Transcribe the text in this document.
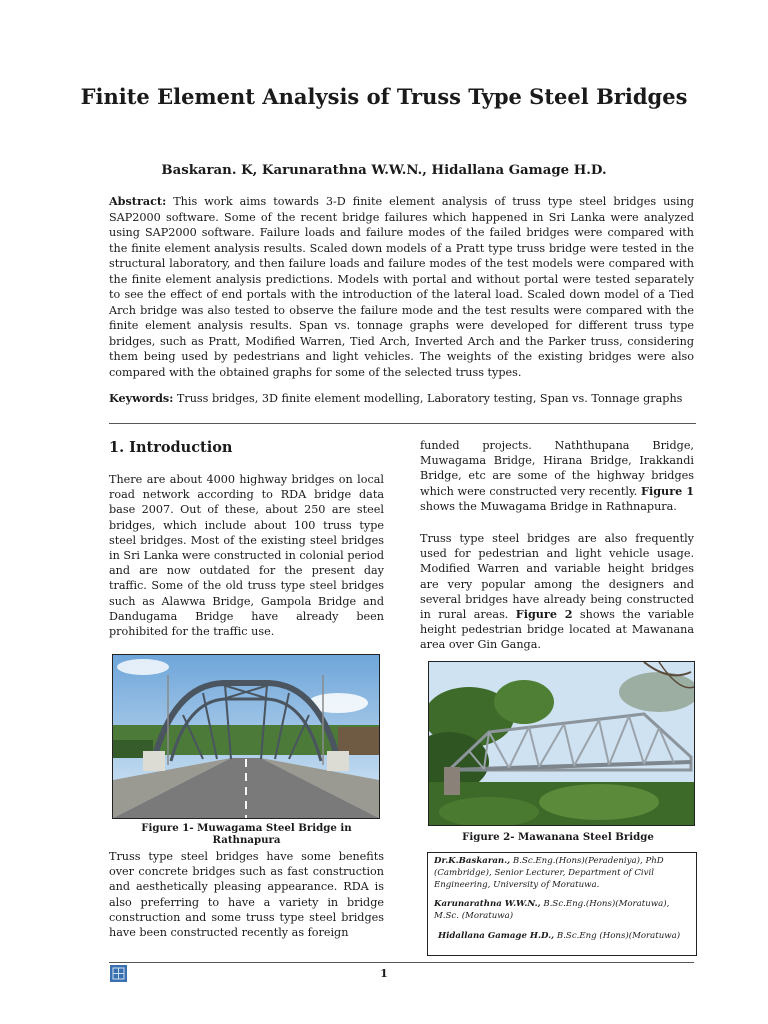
Finite Element Analysis of Truss Type Steel Bridges
Baskaran. K, Karunarathna W.W.N., Hidallana Gamage H.D.
Abstract: This work aims towards 3-D finite element analysis of truss type steel bridges using SAP2000 software. Some of the recent bridge failures which happened in Sri Lanka were analyzed using SAP2000 software. Failure loads and failure modes of the failed bridges were compared with the finite element analysis results. Scaled down models of a Pratt type truss bridge were tested in the structural laboratory, and then failure loads and failure modes of the test models were compared with the finite element analysis predictions. Models with portal and without portal were tested separately to see the effect of end portals with the introduction of the lateral load. Scaled down model of a Tied Arch bridge was also tested to observe the failure mode and the test results were compared with the finite element analysis results. Span vs. tonnage graphs were developed for different truss type bridges, such as Pratt, Modified Warren, Tied Arch, Inverted Arch and the Parker truss, considering them being used by pedestrians and light vehicles. The weights of the existing bridges were also compared with the obtained graphs for some of the selected truss types.
Keywords: Truss bridges, 3D finite element modelling, Laboratory testing, Span vs. Tonnage graphs
1. Introduction
There are about 4000 highway bridges on local road network according to RDA bridge data base 2007. Out of these, about 250 are steel bridges, which include about 100 truss type steel bridges. Most of the existing steel bridges in Sri Lanka were constructed in colonial period and are now outdated for the present day traffic. Some of the old truss type steel bridges such as Alawwa Bridge, Gampola Bridge and Dandugama Bridge have already been prohibited for the traffic use.
funded projects. Naththupana Bridge, Muwagama Bridge, Hirana Bridge, Irakkandi Bridge, etc are some of the highway bridges which were constructed very recently. Figure 1 shows the Muwagama Bridge in Rathnapura.
Truss type steel bridges are also frequently used for pedestrian and light vehicle usage. Modified Warren and variable height bridges are very popular among the designers and several bridges have already being constructed in rural areas. Figure 2 shows the variable height pedestrian bridge located at Mawanana area over Gin Ganga.
Figure 1- Muwagama Steel Bridge in Rathnapura	Figure 2- Mawanana Steel Bridge
Truss type steel bridges have some benefits over concrete bridges such as fast construction and aesthetically pleasing appearance. RDA is also preferring to have a variety in bridge construction and some truss type steel bridges have been constructed recently as foreign

Dr.K.Baskaran., B.Sc.Eng.(Hons)(Peradeniya), PhD (Cambridge), Senior Lecturer, Department of Civil Engineering, University of Moratuwa.

Karunarathna W.W.N., B.Sc.Eng.(Hons)(Moratuwa), M.Sc. (Moratuwa)

Hidallana Gamage H.D., B.Sc.Eng (Hons)(Moratuwa)

1
